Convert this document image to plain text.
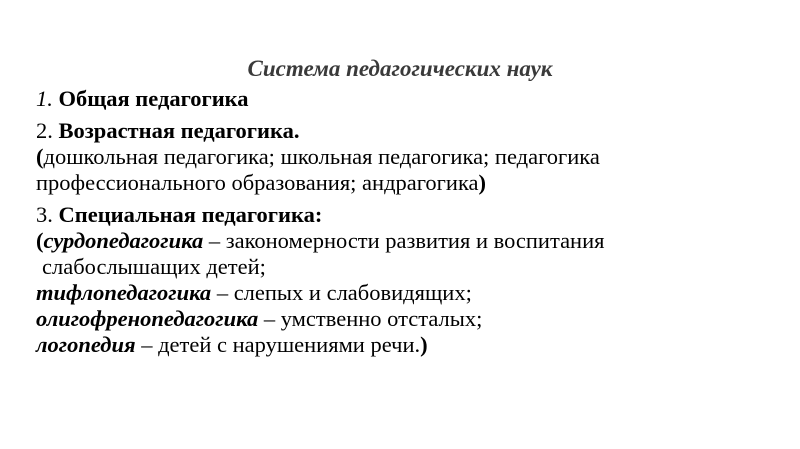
Система педагогических наук
1. Общая педагогика
2. Возрастная педагогика.
(дошкольная педагогика; школьная педагогика; педагогика
профессионального образования; андрагогика)
3. Специальная педагогика:
(сурдопедагогика – закономерности развития и воспитания
слабослышащих детей;
тифлопедагогика – слепых и слабовидящих;
олигофренопедагогика – умственно отсталых;
логопедия – детей с нарушениями речи.)
